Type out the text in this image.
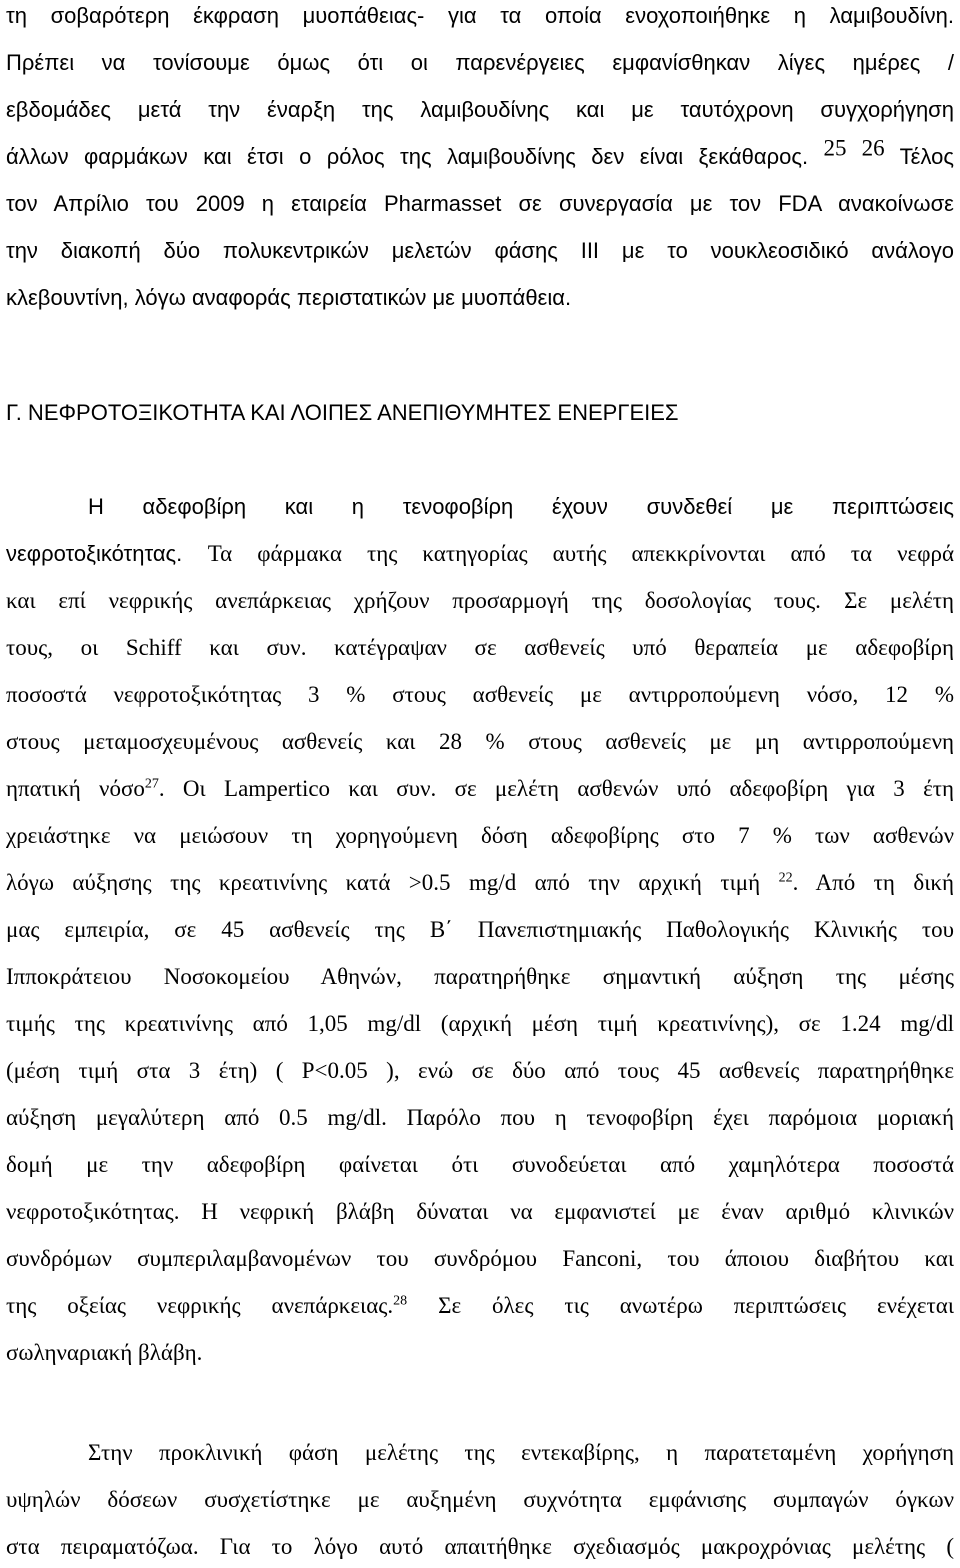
τη σοβαρότερη έκφραση μυοπάθειας- για τα οποία ενοχοποιήθηκε η λαμιβουδίνη.
Πρέπει να τονίσουμε όμως ότι οι παρενέργειες εμφανίσθηκαν λίγες ημέρες /
εβδομάδες μετά την έναρξη της λαμιβουδίνης και με ταυτόχρονη συγχορήγηση
άλλων φαρμάκων και έτσι ο ρόλος της λαμιβουδίνης δεν είναι ξεκάθαρος. $^{25 26}$ Τέλος
τον Απρίλιο του 2009 η εταιρεία Pharmasset σε συνεργασία με τον FDA ανακοίνωσε
την διακοπή δύο πολυκεντρικών μελετών φάσης III με το νουκλεοσιδικό ανάλογο
κλεβουντίνη, λόγω αναφοράς περιστατικών με μυοπάθεια.
Γ. ΝΕΦΡΟΤΟΞΙΚΟΤΗΤΑ ΚΑΙ ΛΟΙΠΕΣ ΑΝΕΠΙΘΥΜΗΤΕΣ ΕΝΕΡΓΕΙΕΣ
Η αδεφοβίρη και η τενοφοβίρη έχουν συνδεθεί με περιπτώσεις
νεφροτοξικότητας. Τα φάρμακα της κατηγορίας αυτής απεκκρίνονται από τα νεφρά
και επί νεφρικής ανεπάρκειας χρήζουν προσαρμογή της δοσολογίας τους. Σε μελέτη
τους, οι Schiff και συν. κατέγραψαν σε ασθενείς υπό θεραπεία με αδεφοβίρη
ποσοστά νεφροτοξικότητας 3 % στους ασθενείς με αντιρροπούμενη νόσο, 12 %
στους μεταμοσχευμένους ασθενείς και 28 % στους ασθενείς με μη αντιρροπούμενη
ηπατική νόσο$^{27}$. Οι Lampertico και συν. σε μελέτη ασθενών υπό αδεφοβίρη για 3 έτη
χρειάστηκε να μειώσουν τη χορηγούμενη δόση αδεφοβίρης στο 7 % των ασθενών
λόγω αύξησης της κρεατινίνης κατά >0.5 mg/d από την αρχική τιμή $^{22}$. Από τη δική
μας εμπειρία, σε 45 ασθενείς της Β΄ Πανεπιστημιακής Παθολογικής Κλινικής του
Ιπποκράτειου Νοσοκομείου Αθηνών, παρατηρήθηκε σημαντική αύξηση της μέσης
τιμής της κρεατινίνης από 1,05 mg/dl (αρχική μέση τιμή κρεατινίνης), σε 1.24 mg/dl
(μέση τιμή στα 3 έτη) ( P<0.05 ), ενώ σε δύο από τους 45 ασθενείς παρατηρήθηκε
αύξηση μεγαλύτερη από 0.5 mg/dl. Παρόλο που η τενοφοβίρη έχει παρόμοια μοριακή
δομή με την αδεφοβίρη φαίνεται ότι συνοδεύεται από χαμηλότερα ποσοστά
νεφροτοξικότητας. Η νεφρική βλάβη δύναται να εμφανιστεί με έναν αριθμό κλινικών
συνδρόμων συμπεριλαμβανομένων του συνδρόμου Fanconi, του άποιου διαβήτου και
της οξείας νεφρικής ανεπάρκειας.$^{28}$ Σε όλες τις ανωτέρω περιπτώσεις ενέχεται
σωληναριακή βλάβη.
Στην προκλινική φάση μελέτης της εντεκαβίρης, η παρατεταμένη χορήγηση
υψηλών δόσεων συσχετίστηκε με αυξημένη συχνότητα εμφάνισης συμπαγών όγκων
στα πειραματόζωα. Για το λόγο αυτό απαιτήθηκε σχεδιασμός μακροχρόνιας μελέτης (
